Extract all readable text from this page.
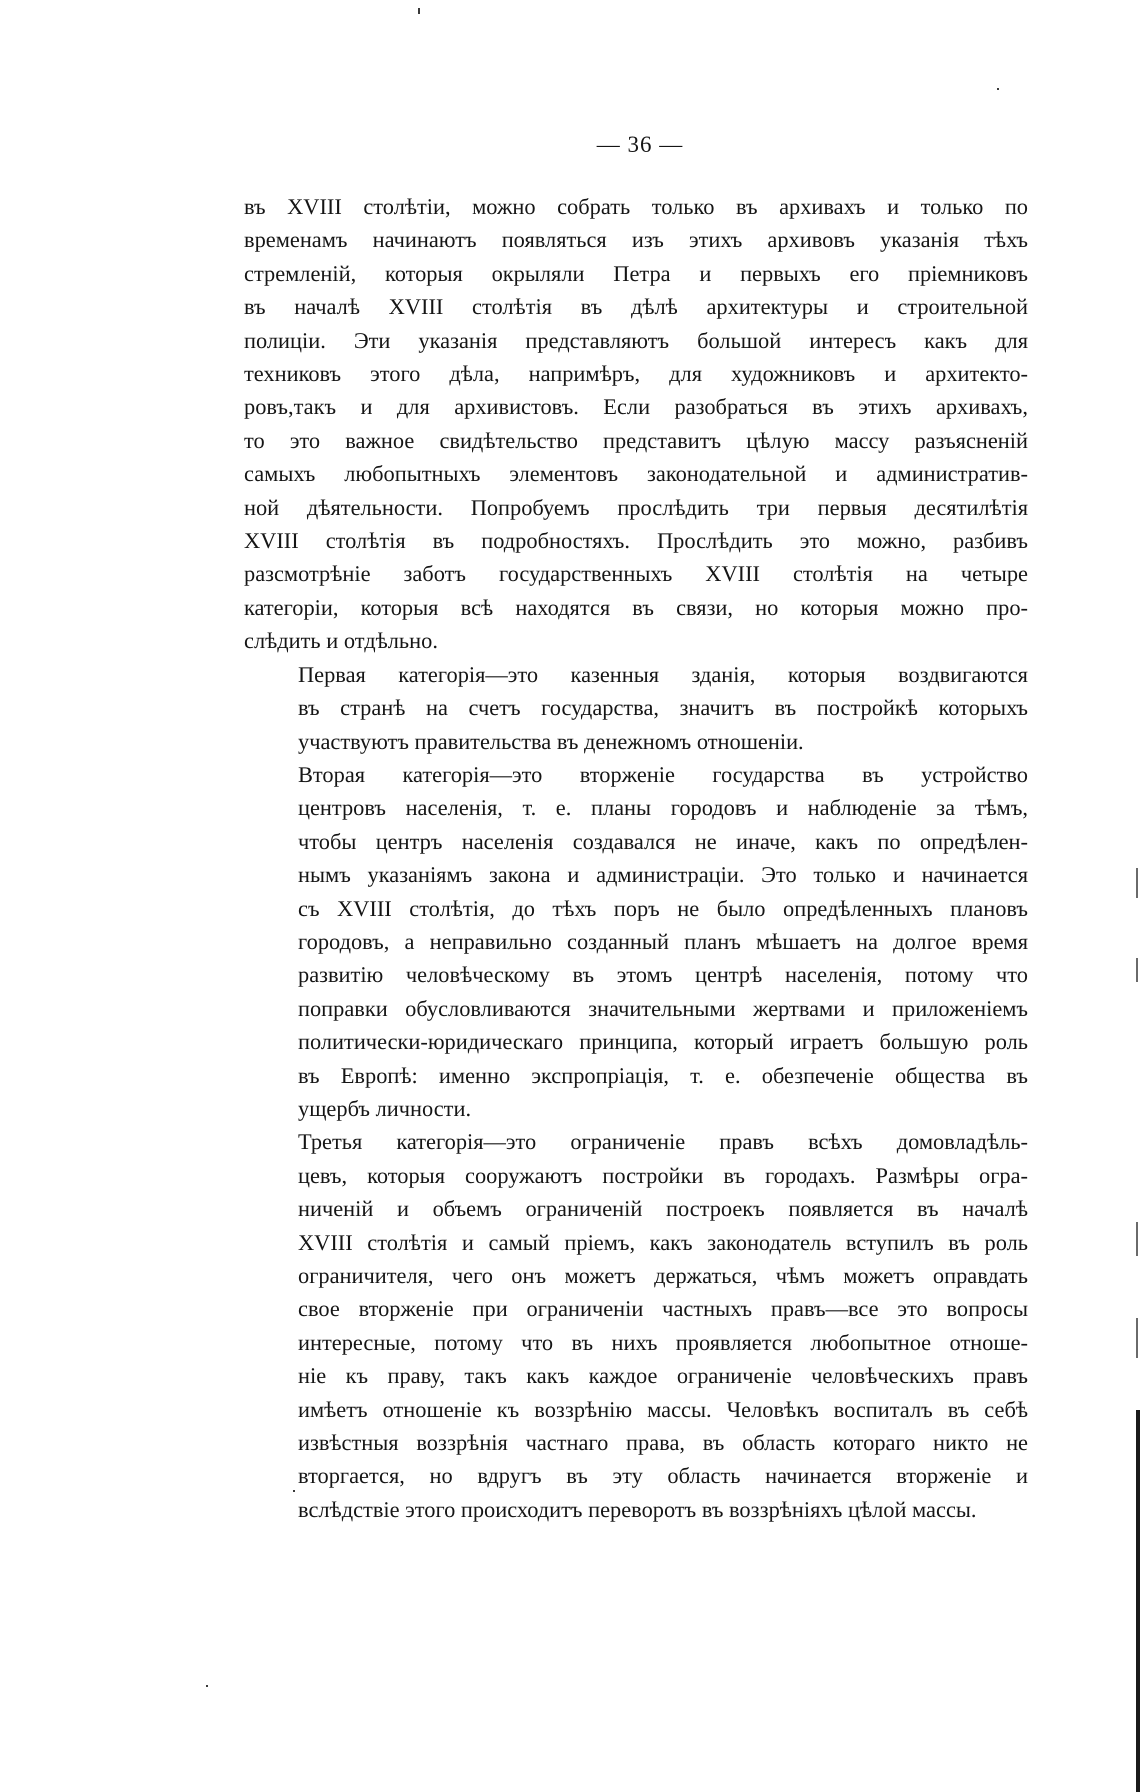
— 36 —

въ XVIII столѣтіи, можно собрать только въ архивахъ и только по
временамъ начинаютъ появляться изъ этихъ архивовъ указанія тѣхъ
стремленій, которыя окрыляли Петра и первыхъ его пріемниковъ
въ началѣ XVIII столѣтія въ дѣлѣ архитектуры и строительной
полиціи. Эти указанія представляютъ большой интересъ какъ для
техниковъ этого дѣла, напримѣръ, для художниковъ и архитекто-
ровъ,такъ и для архивистовъ. Если разобраться въ этихъ архивахъ,
то это важное свидѣтельство представитъ цѣлую массу разъясненій
самыхъ любопытныхъ элементовъ законодательной и административ-
ной дѣятельности. Попробуемъ прослѣдить три первыя десятилѣтія
XVIII столѣтія въ подробностяхъ. Прослѣдить это можно, разбивъ
разсмотрѣніе заботъ государственныхъ XVIII столѣтія на четыре
категоріи, которыя всѣ находятся въ связи, но которыя можно про-
слѣдить и отдѣльно.

Первая категорія—это казенныя зданія, которыя воздвигаются
въ странѣ на счетъ государства, значитъ въ постройкѣ которыхъ
участвуютъ правительства въ денежномъ отношеніи.

Вторая категорія—это вторженіе государства въ устройство
центровъ населенія, т. е. планы городовъ и наблюденіе за тѣмъ,
чтобы центръ населенія создавался не иначе, какъ по опредѣлен-
нымъ указаніямъ закона и администраціи. Это только и начинается
съ XVIII столѣтія, до тѣхъ поръ не было опредѣленныхъ плановъ
городовъ, а неправильно созданный планъ мѣшаетъ на долгое время
развитію человѣческому въ этомъ центрѣ населенія, потому что
поправки обусловливаются значительными жертвами и приложеніемъ
политически-юридическаго принципа, который играетъ большую роль
въ Европѣ: именно экспропріація, т. е. обезпеченіе общества въ
ущербъ личности.

Третья категорія—это ограниченіе правъ всѣхъ домовладѣль-
цевъ, которыя сооружаютъ постройки въ городахъ. Размѣры огра-
ниченій и объемъ ограниченій построекъ появляется въ началѣ
XVIII столѣтія и самый пріемъ, какъ законодатель вступилъ въ роль
ограничителя, чего онъ можетъ держаться, чѣмъ можетъ оправдать
свое вторженіе при ограниченіи частныхъ правъ—все это вопросы
интересные, потому что въ нихъ проявляется любопытное отноше-
ніе къ праву, такъ какъ каждое ограниченіе человѣческихъ правъ
имѣетъ отношеніе къ воззрѣнію массы. Человѣкъ воспиталъ въ себѣ
извѣстныя воззрѣнія частнаго права, въ область котораго никто не
вторгается, но вдругъ въ эту область начинается вторженіе и
вслѣдствіе этого происходитъ переворотъ въ воззрѣніяхъ цѣлой массы.
